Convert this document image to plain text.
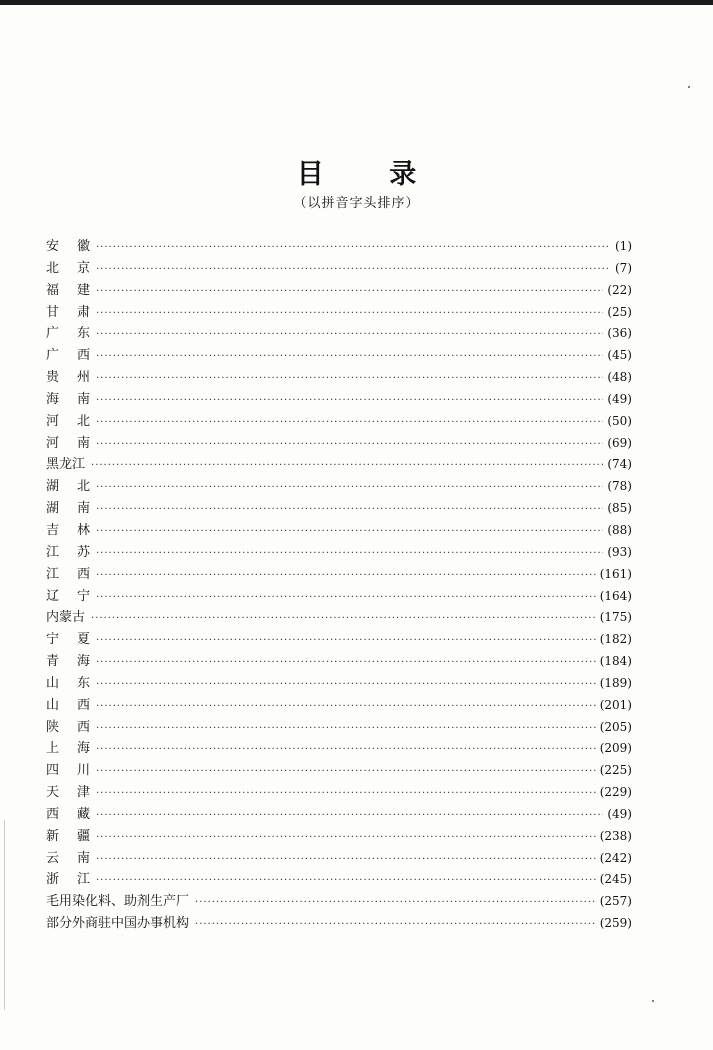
目 录
（以拼音字头排序）
安 徽 ·····	(1)
北 京 ·····	(7)
福 建 ·····	(22)
甘 肃 ·····	(25)
广 东 ·····	(36)
广 西 ·····	(45)
贵 州 ·····	(48)
海 南 ·····	(49)
河 北 ·····	(50)
河 南 ·····	(69)
黑龙江 ·····	(74)
湖 北 ·····	(78)
湖 南 ·····	(85)
吉 林 ·····	(88)
江 苏 ·····	(93)
江 西 ·····	(161)
辽 宁 ·····	(164)
内蒙古 ·····	(175)
宁 夏 ·····	(182)
青 海 ·····	(184)
山 东 ·····	(189)
山 西 ·····	(201)
陕 西 ·····	(205)
上 海 ·····	(209)
四 川 ·····	(225)
天 津 ·····	(229)
西 藏 ·····	(49)
新 疆 ·····	(238)
云 南 ·····	(242)
浙 江 ·····	(245)
毛用染化料、助剂生产厂 ·····	(257)
部分外商驻中国办事机构 ·····	(259)
